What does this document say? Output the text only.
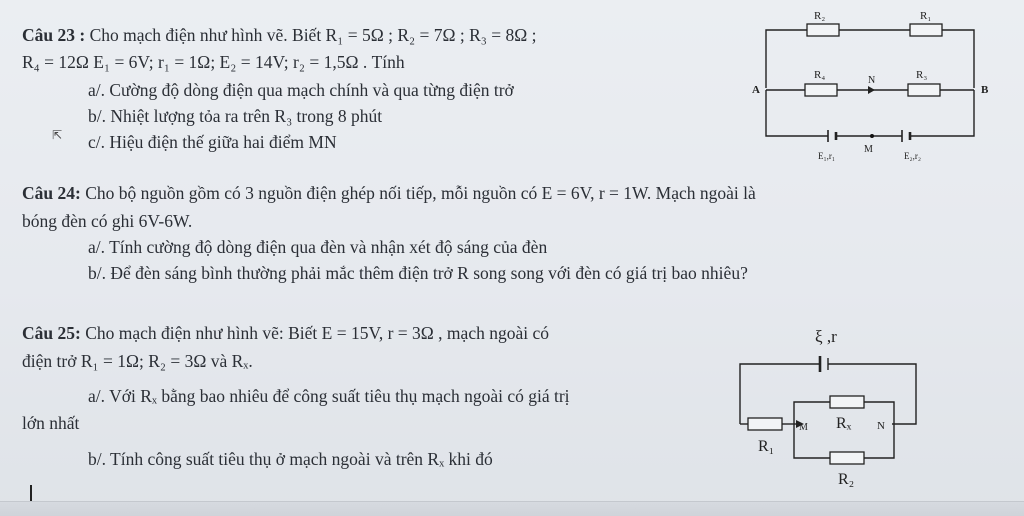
Câu 23 : Cho mạch điện như hình vẽ. Biết R₁ = 5Ω ; R₂ = 7Ω ; R₃ = 8Ω ;
R₄ = 12Ω E₁ = 6V; r₁ = 1Ω; E₂ = 14V; r₂ = 1,5Ω . Tính
a/. Cường độ dòng điện qua mạch chính và qua từng điện trở
b/. Nhiệt lượng tỏa ra trên R₃ trong 8 phút
c/. Hiệu điện thế giữa hai điểm MN
⇱
R₂	R₁
R₄	R₃
N
A	B
E₁,r₁
M
E₂,r₂
Câu 24: Cho bộ nguồn gồm có 3 nguồn điện ghép nối tiếp, mỗi nguồn có E = 6V, r = 1W. Mạch ngoài là
bóng đèn có ghi 6V-6W.
a/. Tính cường độ dòng điện qua đèn và nhận xét độ sáng của đèn
b/. Để đèn sáng bình thường phải mắc thêm điện trở R song song với đèn có giá trị bao nhiêu?
Câu 25: Cho mạch điện như hình vẽ: Biết E = 15V, r = 3Ω , mạch ngoài có
điện trở R₁ = 1Ω; R₂ = 3Ω và Rₓ.
a/. Với Rₓ bằng bao nhiêu để công suất tiêu thụ mạch ngoài có giá trị
lớn nhất
b/. Tính công suất tiêu thụ ở mạch ngoài và trên Rₓ khi đó
ξ ,r
M
R₁
Rₓ N
R₂
